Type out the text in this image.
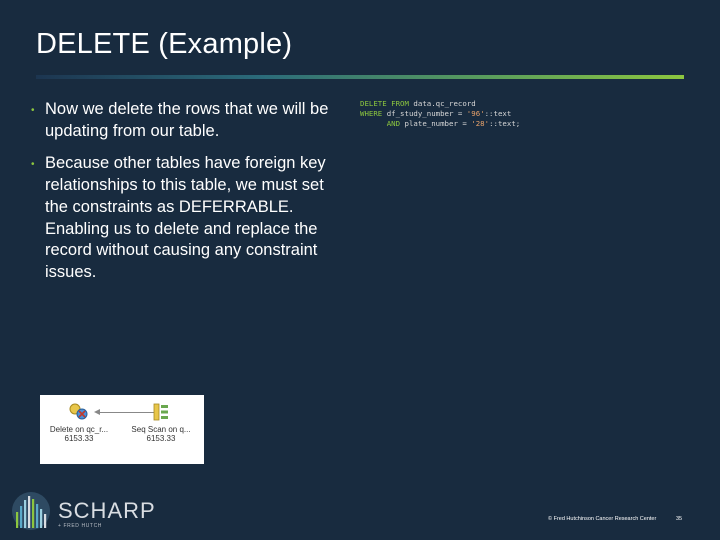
DELETE (Example)
• Now we delete the rows that we will be updating from our table.
• Because other tables have foreign key relationships to this table, we must set the constraints as DEFERRABLE. Enabling us to delete and replace the record without causing any constraint issues.
DELETE FROM data.qc_record
WHERE df_study_number = '96'::text
AND plate_number = '28'::text;
Delete on qc_r...
6153.33
Seq Scan on q...
6153.33
SCHARP
+ FRED HUTCH
© Fred Hutchinson Cancer Research Center	35
